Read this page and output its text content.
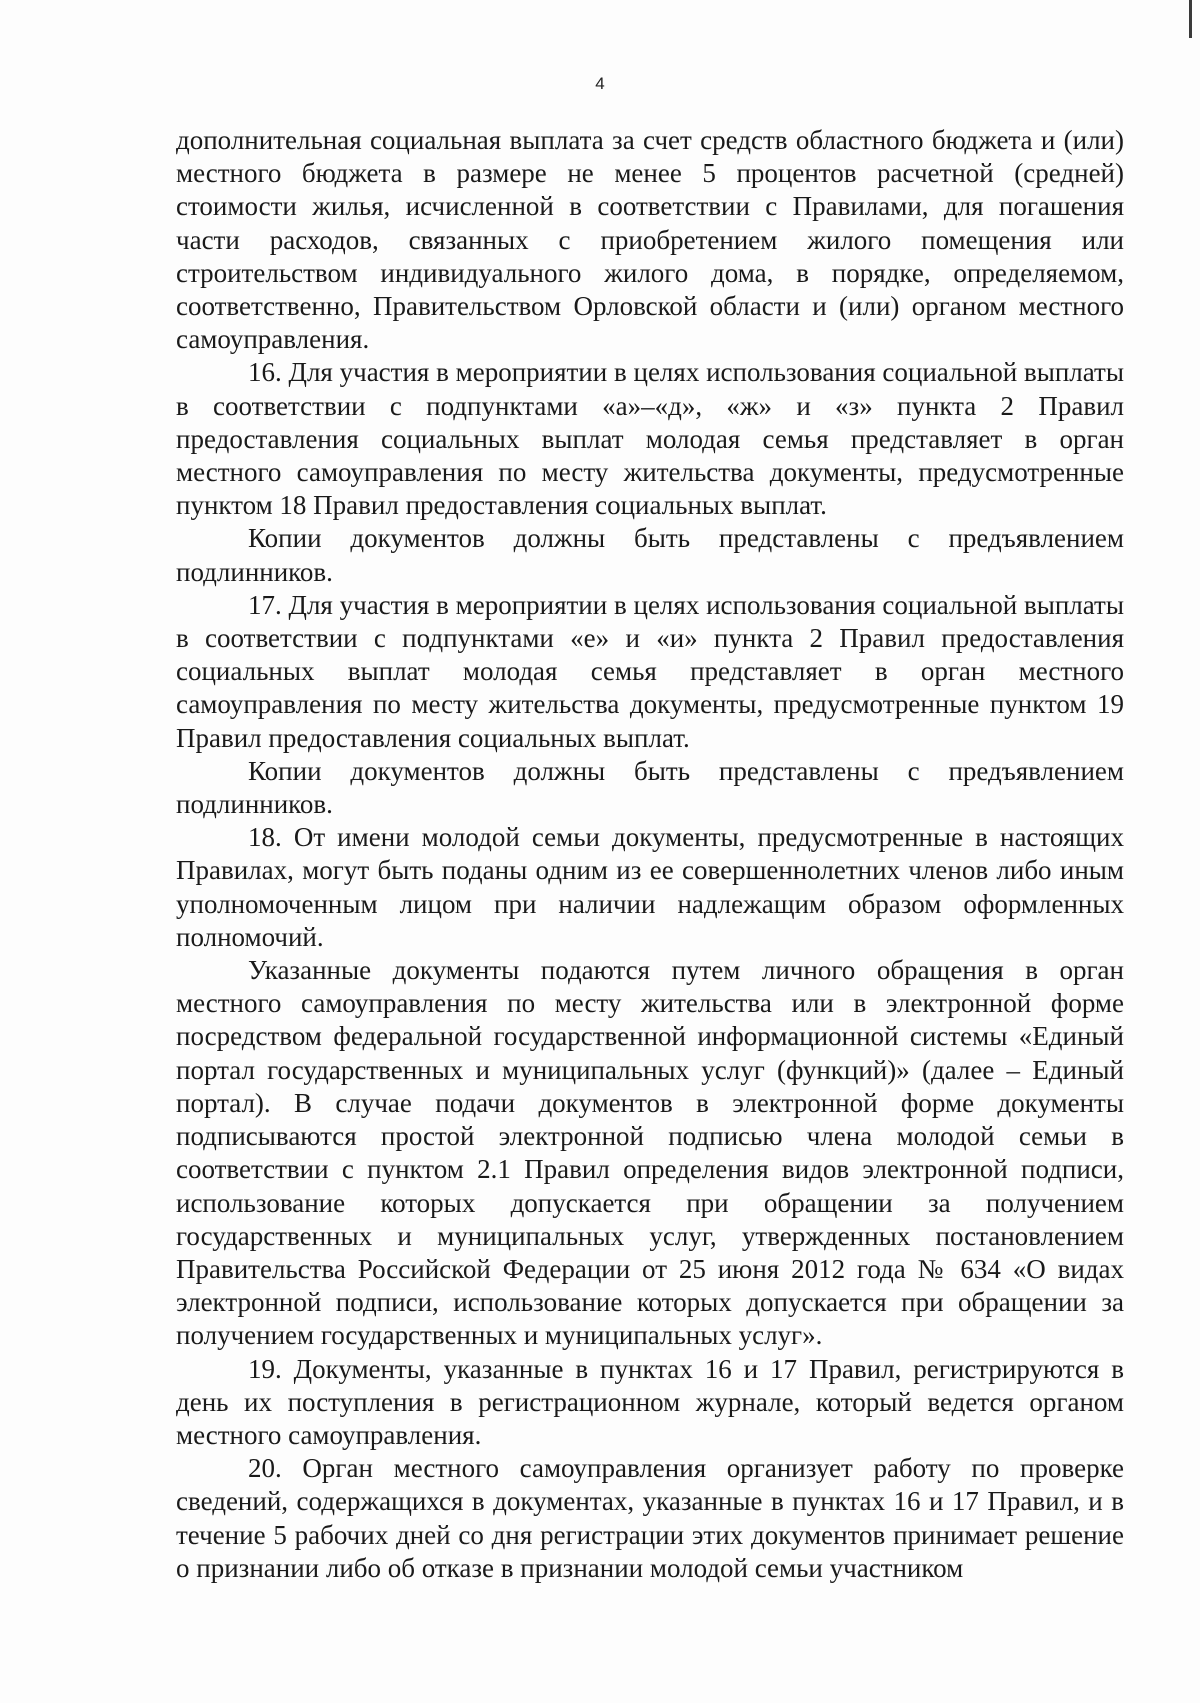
4

дополнительная социальная выплата за счет средств областного бюджета и (или) местного бюджета в размере не менее 5 процентов расчетной (средней) стоимости жилья, исчисленной в соответствии с Правилами, для погашения части расходов, связанных с приобретением жилого помещения или строительством индивидуального жилого дома, в порядке, определяемом, соответственно, Правительством Орловской области и (или) органом местного самоуправления.

16. Для участия в мероприятии в целях использования социальной выплаты в соответствии с подпунктами «а»–«д», «ж» и «з» пункта 2 Правил предоставления социальных выплат молодая семья представляет в орган местного самоуправления по месту жительства документы, предусмотренные пунктом 18 Правил предоставления социальных выплат.

Копии документов должны быть представлены с предъявлением подлинников.

17. Для участия в мероприятии в целях использования социальной выплаты в соответствии с подпунктами «е» и «и» пункта 2 Правил предоставления социальных выплат молодая семья представляет в орган местного самоуправления по месту жительства документы, предусмотренные пунктом 19 Правил предоставления социальных выплат.

Копии документов должны быть представлены с предъявлением подлинников.

18. От имени молодой семьи документы, предусмотренные в настоящих Правилах, могут быть поданы одним из ее совершеннолетних членов либо иным уполномоченным лицом при наличии надлежащим образом оформленных полномочий.

Указанные документы подаются путем личного обращения в орган местного самоуправления по месту жительства или в электронной форме посредством федеральной государственной информационной системы «Единый портал государственных и муниципальных услуг (функций)» (далее – Единый портал). В случае подачи документов в электронной форме документы подписываются простой электронной подписью члена молодой семьи в соответствии с пунктом 2.1 Правил определения видов электронной подписи, использование которых допускается при обращении за получением государственных и муниципальных услуг, утвержденных постановлением Правительства Российской Федерации от 25 июня 2012 года № 634 «О видах электронной подписи, использование которых допускается при обращении за получением государственных и муниципальных услуг».

19. Документы, указанные в пунктах 16 и 17 Правил, регистрируются в день их поступления в регистрационном журнале, который ведется органом местного самоуправления.

20. Орган местного самоуправления организует работу по проверке сведений, содержащихся в документах, указанные в пунктах 16 и 17 Правил, и в течение 5 рабочих дней со дня регистрации этих документов принимает решение о признании либо об отказе в признании молодой семьи участником
